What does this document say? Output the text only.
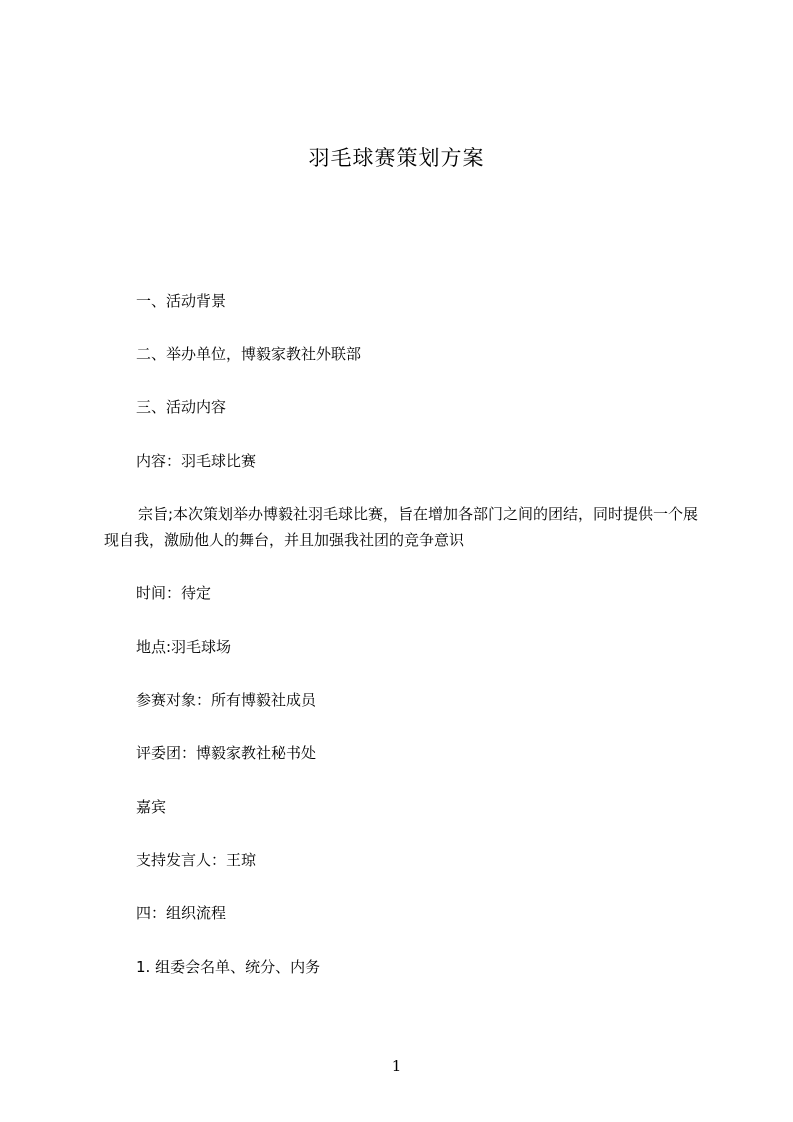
羽毛球赛策划方案
一、活动背景
二、举办单位，博毅家教社外联部
三、活动内容
内容：羽毛球比赛
宗旨;本次策划举办博毅社羽毛球比赛，旨在增加各部门之间的团结，同时提供一个展现自我，激励他人的舞台，并且加强我社团的竞争意识
时间：待定
地点:羽毛球场
参赛对象：所有博毅社成员
评委团：博毅家教社秘书处
嘉宾
支持发言人：王琼
四：组织流程
1. 组委会名单、统分、内务
1
